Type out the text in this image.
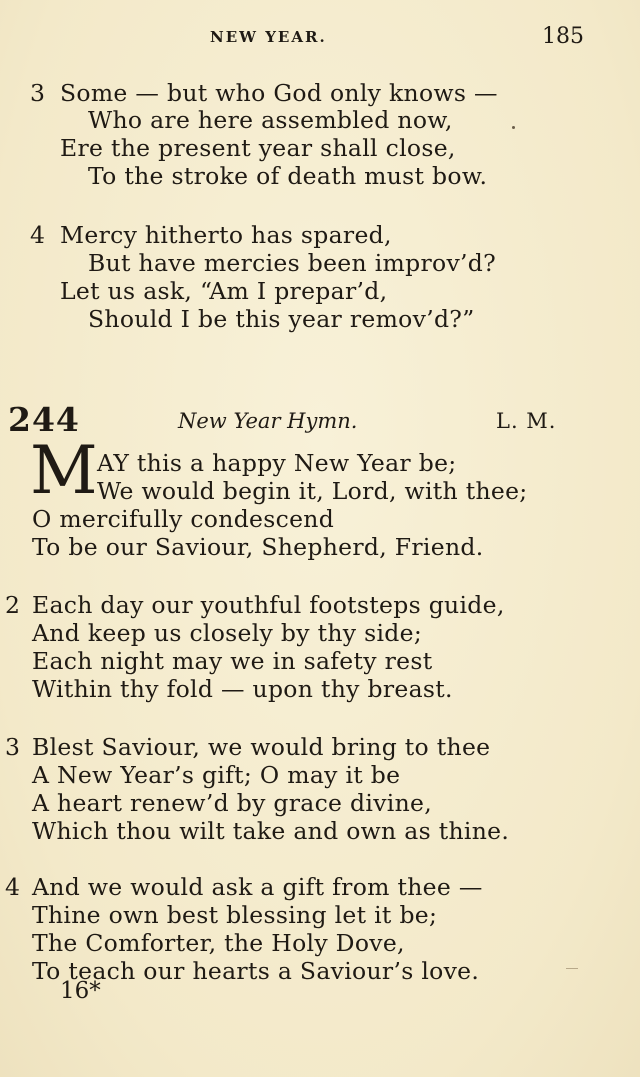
NEW YEAR.	185
3 Some — but who God only knows —
Who are here assembled now,
Ere the present year shall close,
To the stroke of death must bow.
4 Mercy hitherto has spared,
But have mercies been improv’d?
Let us ask, “Am I prepar’d,
Should I be this year remov’d?”
244	New Year Hymn.	L. M.
M AY this a happy New Year be;
We would begin it, Lord, with thee;
O mercifully condescend
To be our Saviour, Shepherd, Friend.
2 Each day our youthful footsteps guide,
And keep us closely by thy side;
Each night may we in safety rest
Within thy fold — upon thy breast.
3 Blest Saviour, we would bring to thee
A New Year’s gift; O may it be
A heart renew’d by grace divine,
Which thou wilt take and own as thine.
4 And we would ask a gift from thee —
Thine own best blessing let it be;
The Comforter, the Holy Dove,
To teach our hearts a Saviour’s love.
16*
